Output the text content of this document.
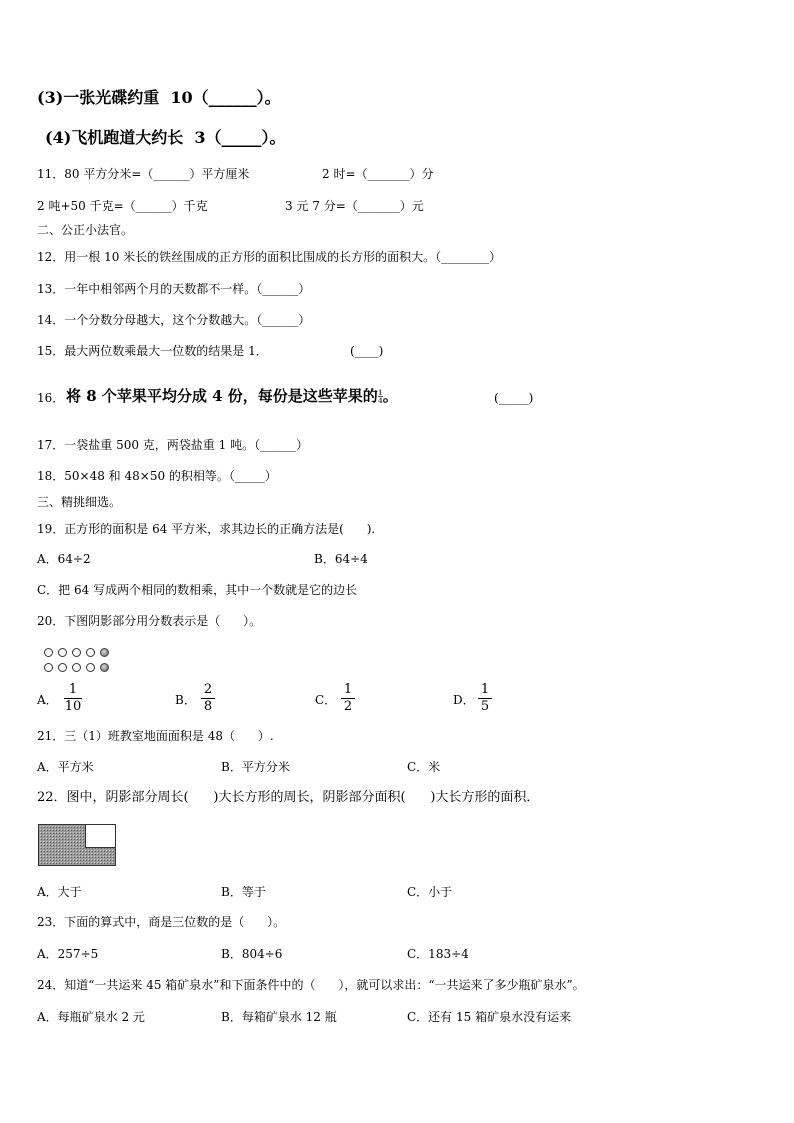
(3)一张光碟约重  10（______）。
(4)飞机跑道大约长  3（_____）。
11．80 平方分米=（______）平方厘米	2 时=（_______）分
2 吨+50 千克=（______）千克	3 元 7 分=（_______）元
二、公正小法官。
12．用一根 10 米长的铁丝围成的正方形的面积比围成的长方形的面积大。（________）
13．一年中相邻两个月的天数都不一样。（______）
14．一个分数分母越大，这个分数越大。（______）
15．最大两位数乘最大一位数的结果是 1．	(____)
16． 将 8 个苹果平均分成 4 份，每份是这些苹果的 $\frac{1}{4}$ 。	(_____)
17．一袋盐重 500 克，两袋盐重 1 吨。（______）
18．50×48 和 48×50 的积相等。（_____）
三、精挑细选。
19．正方形的面积是 64 平方米，求其边长的正确方法是(      ).
A．64÷2	B．64÷4
C．把 64 写成两个相同的数相乘，其中一个数就是它的边长
20．下图阴影部分用分数表示是（      ）。
A．
1
10	B．
2
8	C．
1
2	D．
1
5
21．三（1）班教室地面面积是 48（      ）.
A．平方米	B．平方分米	C．米
22．图中，阴影部分周长(      )大长方形的周长，阴影部分面积(      )大长方形的面积．
A．大于	B．等于	C．小于
23．下面的算式中，商是三位数的是（      ）。
A．257÷5	B．804÷6	C．183÷4
24．知道“一共运来 45 箱矿泉水”和下面条件中的（      ），就可以求出：“一共运来了多少瓶矿泉水”。
A．每瓶矿泉水 2 元	B．每箱矿泉水 12 瓶	C．还有 15 箱矿泉水没有运来
